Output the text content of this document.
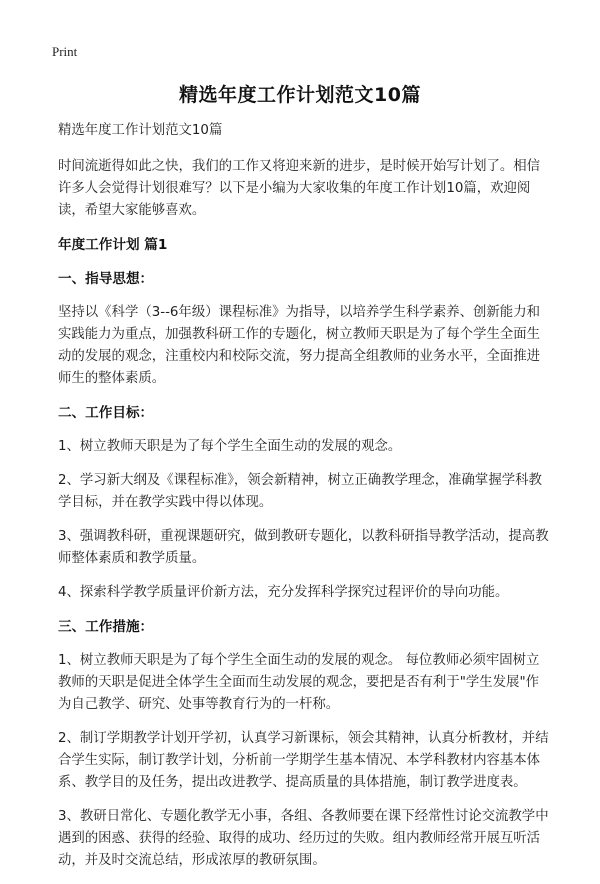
Print
精选年度工作计划范文10篇

精选年度工作计划范文10篇

时间流逝得如此之快，我们的工作又将迎来新的进步，是时候开始写计划了。相信许多人会觉得计划很难写？以下是小编为大家收集的年度工作计划10篇，欢迎阅读，希望大家能够喜欢。

年度工作计划 篇1
一、指导思想：

坚持以《科学（3--6年级）课程标准》为指导，以培养学生科学素养、创新能力和实践能力为重点，加强教科研工作的专题化，树立教师天职是为了每个学生全面生动的发展的观念，注重校内和校际交流，努力提高全组教师的业务水平，全面推进师生的整体素质。

二、工作目标：

1、树立教师天职是为了每个学生全面生动的发展的观念。

2、学习新大纲及《课程标准》，领会新精神，树立正确教学理念，准确掌握学科教学目标，并在教学实践中得以体现。

3、强调教科研，重视课题研究，做到教研专题化，以教科研指导教学活动，提高教师整体素质和教学质量。

4、探索科学教学质量评价新方法，充分发挥科学探究过程评价的导向功能。

三、工作措施：

1、树立教师天职是为了每个学生全面生动的发展的观念。 每位教师必须牢固树立教师的天职是促进全体学生全面而生动发展的观念，要把是否有利于"学生发展"作为自己教学、研究、处事等教育行为的一杆称。

2、制订学期教学计划开学初，认真学习新课标，领会其精神，认真分析教材，并结合学生实际，制订教学计划，分析前一学期学生基本情况、本学科教材内容基本体系、教学目的及任务，提出改进教学、提高质量的具体措施，制订教学进度表。

3、教研日常化、专题化教学无小事，各组、各教师要在课下经常性讨论交流教学中遇到的困惑、获得的经验、取得的成功、经历过的失败。组内教师经常开展互听活动，并及时交流总结，形成浓厚的教研氛围。
